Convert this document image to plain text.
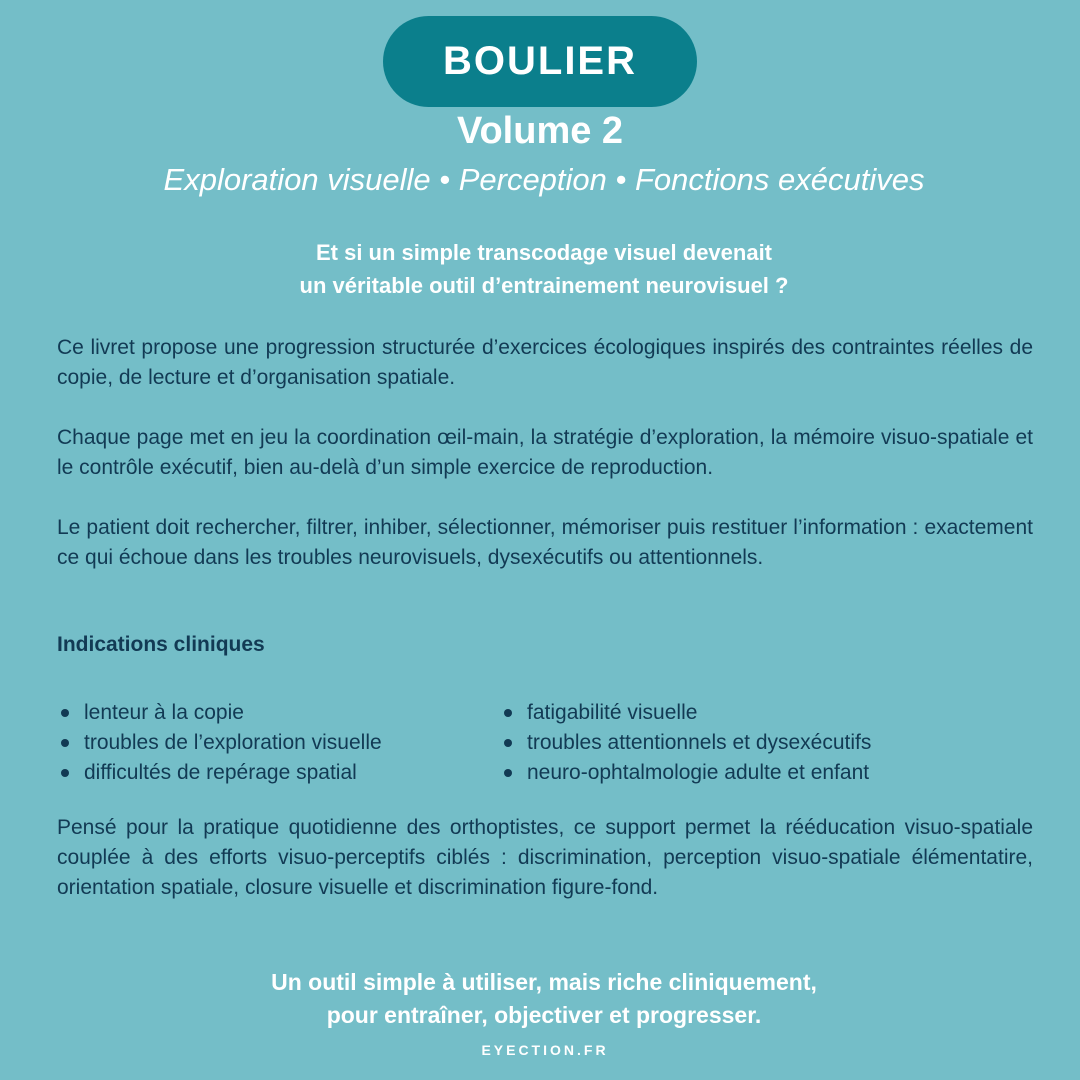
BOULIER
Volume 2
Exploration visuelle • Perception • Fonctions exécutives
Et si un simple transcodage visuel devenait
un véritable outil d’entrainement neurovisuel ?
Ce livret propose une progression structurée d’exercices écologiques inspirés des contraintes réelles de copie, de lecture et d’organisation spatiale.
Chaque page met en jeu la coordination œil-main, la stratégie d’exploration, la mémoire visuo-spatiale et le contrôle exécutif, bien au-delà d’un simple exercice de reproduction.
Le patient doit rechercher, filtrer, inhiber, sélectionner, mémoriser puis restituer l’information : exactement ce qui échoue dans les troubles neurovisuels, dysexécutifs ou attentionnels.
Indications cliniques
lenteur à la copie
troubles de l’exploration visuelle
difficultés de repérage spatial
fatigabilité visuelle
troubles attentionnels et dysexécutifs
neuro-ophtalmologie adulte et enfant
Pensé pour la pratique quotidienne des orthoptistes, ce support permet la rééducation visuo-spatiale couplée à des efforts visuo-perceptifs ciblés : discrimination, perception visuo-spatiale élémentatire, orientation spatiale, closure visuelle et discrimination figure-fond.
Un outil simple à utiliser, mais riche cliniquement,
pour entraîner, objectiver et progresser.
EYECTION.FR
